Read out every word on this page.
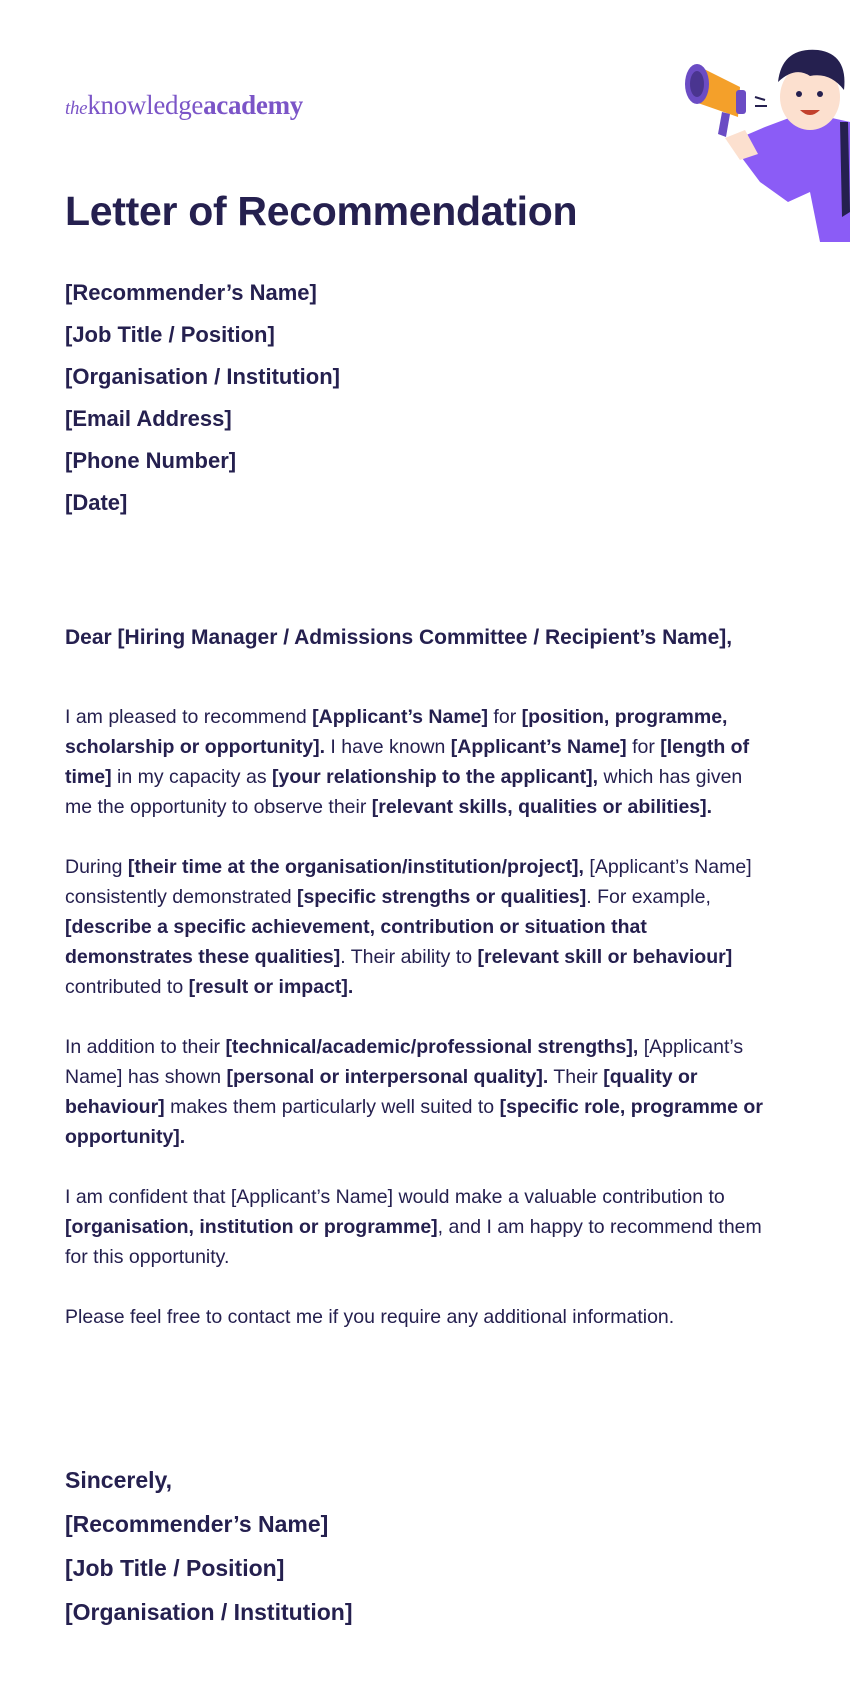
theknowledgeacademy
Letter of Recommendation
[Recommender’s Name]
[Job Title / Position]
[Organisation / Institution]
[Email Address]
[Phone Number]
[Date]
Dear [Hiring Manager / Admissions Committee / Recipient’s Name],

I am pleased to recommend [Applicant’s Name] for [position, programme, scholarship or opportunity]. I have known [Applicant’s Name] for [length of time] in my capacity as [your relationship to the applicant], which has given me the opportunity to observe their [relevant skills, qualities or abilities].

During [their time at the organisation/institution/project], [Applicant’s Name] consistently demonstrated [specific strengths or qualities]. For example, [describe a specific achievement, contribution or situation that demonstrates these qualities]. Their ability to [relevant skill or behaviour] contributed to [result or impact].

In addition to their [technical/academic/professional strengths], [Applicant’s Name] has shown [personal or interpersonal quality]. Their [quality or behaviour] makes them particularly well suited to [specific role, programme or opportunity].

I am confident that [Applicant’s Name] would make a valuable contribution to [organisation, institution or programme], and I am happy to recommend them for this opportunity.

Please feel free to contact me if you require any additional information.

Sincerely,
[Recommender’s Name]
[Job Title / Position]
[Organisation / Institution]
